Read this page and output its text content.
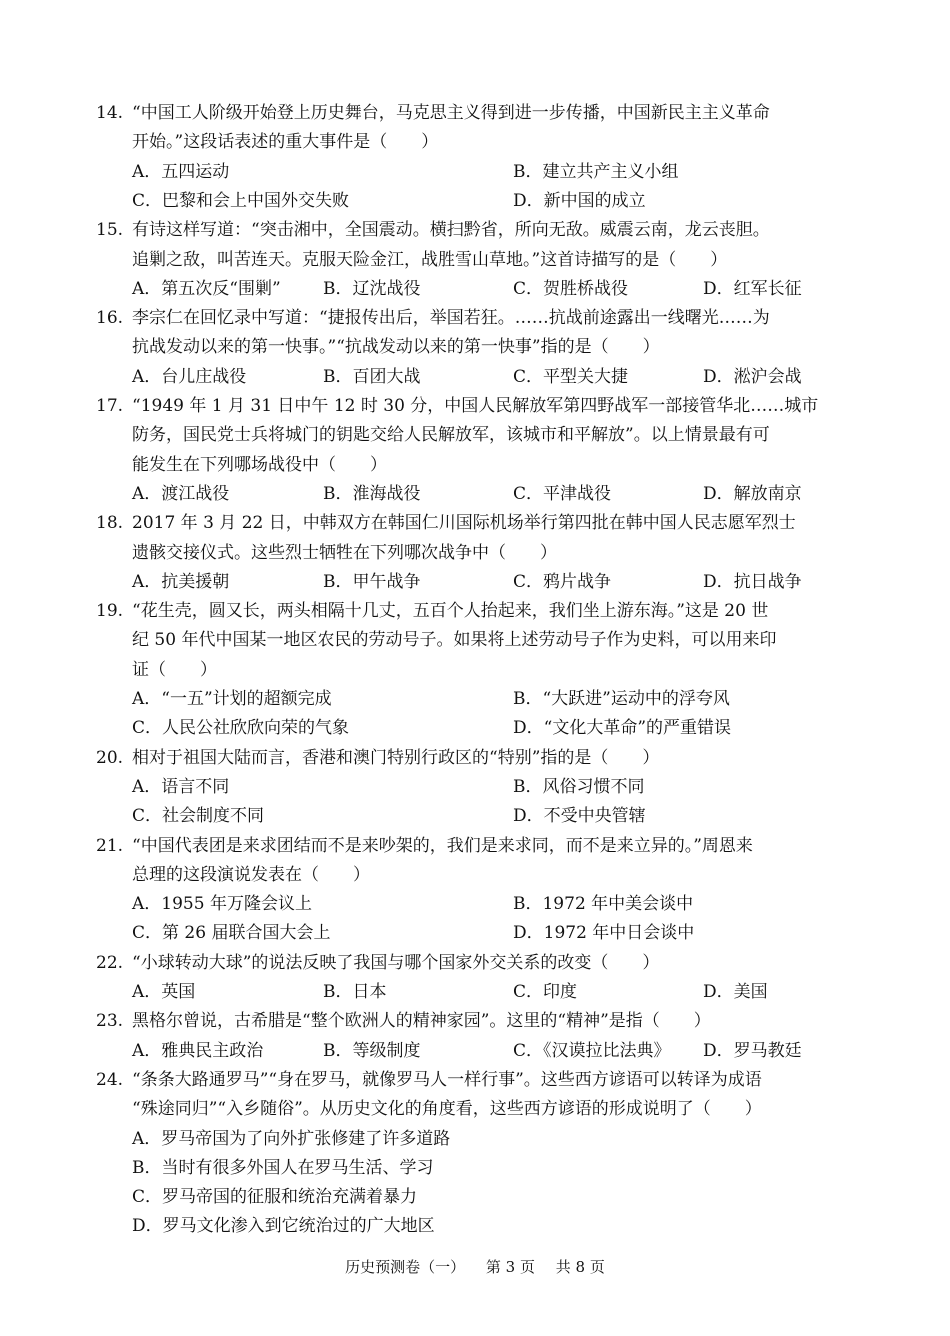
14. “中国工人阶级开始登上历史舞台，马克思主义得到进一步传播，中国新民主主义革命
开始。”这段话表述的重大事件是（　　）
A．五四运动	B．建立共产主义小组
C．巴黎和会上中国外交失败	D．新中国的成立
15. 有诗这样写道：“突击湘中，全国震动。横扫黔省，所向无敌。威震云南，龙云丧胆。
追剿之敌，叫苦连天。克服天险金江，战胜雪山草地。”这首诗描写的是（　　）
A．第五次反“围剿” B．辽沈战役	C．贺胜桥战役	D．红军长征
16. 李宗仁在回忆录中写道：“捷报传出后，举国若狂。……抗战前途露出一线曙光……为
抗战发动以来的第一快事。”“抗战发动以来的第一快事”指的是（　　）
A．台儿庄战役	B．百团大战	C．平型关大捷	D．淞沪会战
17. “1949 年 1 月 31 日中午 12 时 30 分，中国人民解放军第四野战军一部接管华北……城市
防务，国民党士兵将城门的钥匙交给人民解放军，该城市和平解放”。以上情景最有可
能发生在下列哪场战役中（　　）
A．渡江战役	B．淮海战役	C．平津战役	D．解放南京
18. 2017 年 3 月 22 日，中韩双方在韩国仁川国际机场举行第四批在韩中国人民志愿军烈士
遗骸交接仪式。这些烈士牺牲在下列哪次战争中（　　）
A．抗美援朝	B．甲午战争	C．鸦片战争	D．抗日战争
19. “花生壳，圆又长，两头相隔十几丈，五百个人抬起来，我们坐上游东海。”这是 20 世
纪 50 年代中国某一地区农民的劳动号子。如果将上述劳动号子作为史料，可以用来印
证（　　）
A．“一五”计划的超额完成	B．“大跃进”运动中的浮夸风
C．人民公社欣欣向荣的气象	D．“文化大革命”的严重错误
20. 相对于祖国大陆而言，香港和澳门特别行政区的“特别”指的是（　　）
A．语言不同	B．风俗习惯不同
C．社会制度不同	D．不受中央管辖
21. “中国代表团是来求团结而不是来吵架的，我们是来求同，而不是来立异的。”周恩来
总理的这段演说发表在（　　）
A．1955 年万隆会议上	B．1972 年中美会谈中
C．第 26 届联合国大会上	D．1972 年中日会谈中
22. “小球转动大球”的说法反映了我国与哪个国家外交关系的改变（　　）
A．英国	B．日本	C．印度	D．美国
23. 黑格尔曾说，古希腊是“整个欧洲人的精神家园”。这里的“精神”是指（　　）
A．雅典民主政治	B．等级制度	C．《汉谟拉比法典》 D．罗马教廷
24. “条条大路通罗马”“身在罗马，就像罗马人一样行事”。这些西方谚语可以转译为成语
“殊途同归”“入乡随俗”。从历史文化的角度看，这些西方谚语的形成说明了（　　）
A．罗马帝国为了向外扩张修建了许多道路
B．当时有很多外国人在罗马生活、学习
C．罗马帝国的征服和统治充满着暴力
D．罗马文化渗入到它统治过的广大地区
历史预测卷（一） 第 3 页 共 8 页
